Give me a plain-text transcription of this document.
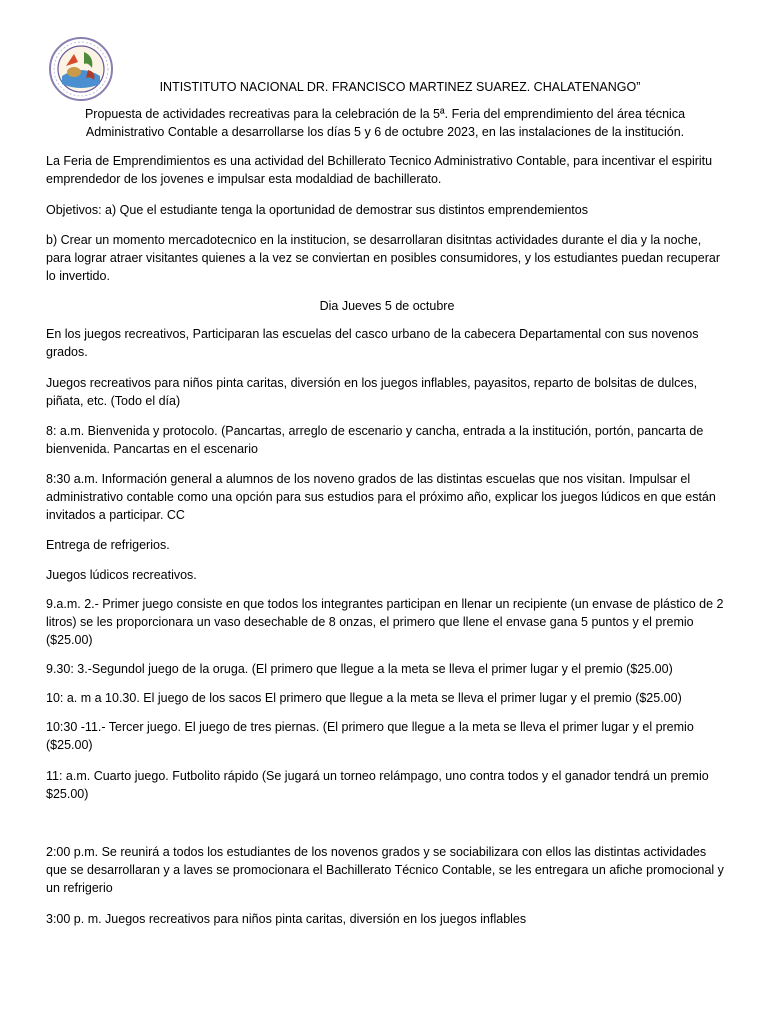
INTISTITUTO NACIONAL DR. FRANCISCO MARTINEZ SUAREZ. CHALATENANGO”
Propuesta de actividades recreativas para la celebración de la 5ª. Feria del emprendimiento del área técnica
Administrativo Contable a desarrollarse los días 5 y 6 de octubre 2023, en las instalaciones de la institución.

La Feria de Emprendimientos es una actividad del Bchillerato Tecnico Administrativo Contable, para incentivar el espiritu emprendedor de los jovenes e impulsar esta modaldiad de bachillerato.

Objetivos: a) Que el estudiante tenga la oportunidad de demostrar sus distintos emprendemientos

b) Crear un momento mercadotecnico en la institucion, se desarrollaran disitntas actividades durante el dia y la noche, para lograr atraer visitantes quienes a la vez se conviertan en posibles consumidores, y los estudiantes puedan recuperar lo invertido.

Dia Jueves 5 de octubre

En los juegos recreativos, Participaran las escuelas del casco urbano de la cabecera Departamental con sus novenos grados.

Juegos recreativos para niños pinta caritas, diversión en los juegos inflables, payasitos, reparto de bolsitas de dulces, piñata, etc. (Todo el día)

8: a.m. Bienvenida y protocolo. (Pancartas, arreglo de escenario y cancha, entrada a la institución, portón, pancarta de bienvenida. Pancartas en el escenario

8:30 a.m. Información general a alumnos de los noveno grados de las distintas escuelas que nos visitan. Impulsar el administrativo contable como una opción para sus estudios para el próximo año, explicar los juegos lúdicos en que están invitados a participar. CC

Entrega de refrigerios.

Juegos lúdicos recreativos.

9.a.m. 2.- Primer juego consiste en que todos los integrantes participan en llenar un recipiente (un envase de plástico de 2 litros) se les proporcionara un vaso desechable de 8 onzas, el primero que llene el envase gana 5 puntos y el premio ($25.00)

9.30: 3.-Segundol juego de la oruga. (El primero que llegue a la meta se lleva el primer lugar y el premio ($25.00)

10: a. m a 10.30. El juego de los sacos El primero que llegue a la meta se lleva el primer lugar y el premio ($25.00)

10:30 -11.- Tercer juego. El juego de tres piernas. (El primero que llegue a la meta se lleva el primer lugar y el premio ($25.00)

11: a.m. Cuarto juego. Futbolito rápido (Se jugará un torneo relámpago, uno contra todos y el ganador tendrá un premio $25.00)

2:00 p.m. Se reunirá a todos los estudiantes de los novenos grados y se sociabilizara con ellos las distintas actividades que se desarrollaran y a laves se promocionara el Bachillerato Técnico Contable, se les entregara un afiche promocional y un refrigerio

3:00 p. m. Juegos recreativos para niños pinta caritas, diversión en los juegos inflables
